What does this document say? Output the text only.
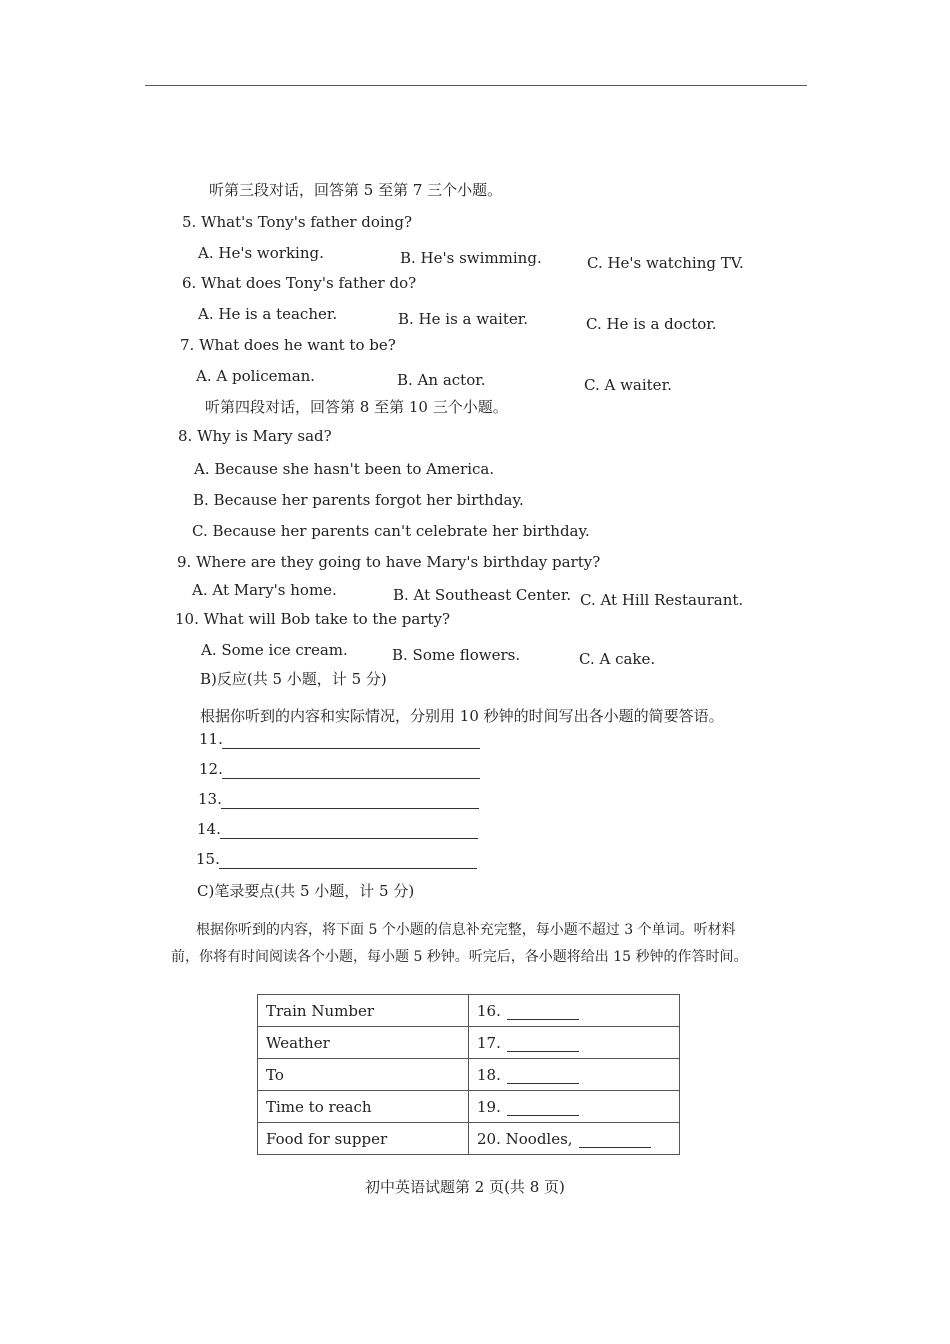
听第三段对话，回答第 5 至第 7 三个小题。
5. What's Tony's father doing?
A. He's working.	B. He's swimming.	C. He's watching TV.
6. What does Tony's father do?
A. He is a teacher.	B. He is a waiter.	C. He is a doctor.
7. What does he want to be?
A. A policeman.	B. An actor.	C. A waiter.
听第四段对话，回答第 8 至第 10 三个小题。
8. Why is Mary sad?
A. Because she hasn't been to America.
B. Because her parents forgot her birthday.
C. Because her parents can't celebrate her birthday.
9. Where are they going to have Mary's birthday party?
A. At Mary's home.	B. At Southeast Center. C. At Hill Restaurant.
10. What will Bob take to the party?
A. Some ice cream.	B. Some flowers.	C. A cake.
B)反应(共 5 小题，计 5 分)
根据你听到的内容和实际情况，分别用 10 秒钟的时间写出各小题的简要答语。
11.
12.
13.
14.
15.
C)笔录要点(共 5 小题，计 5 分)
根据你听到的内容，将下面 5 个小题的信息补充完整，每小题不超过 3 个单词。听材料
前，你将有时间阅读各个小题，每小题 5 秒钟。听完后，各小题将给出 15 秒钟的作答时间。
Train Number	16.
Weather	17.
To	18.
Time to reach	19.
Food for supper	20. Noodles,
初中英语试题第 2 页(共 8 页)
